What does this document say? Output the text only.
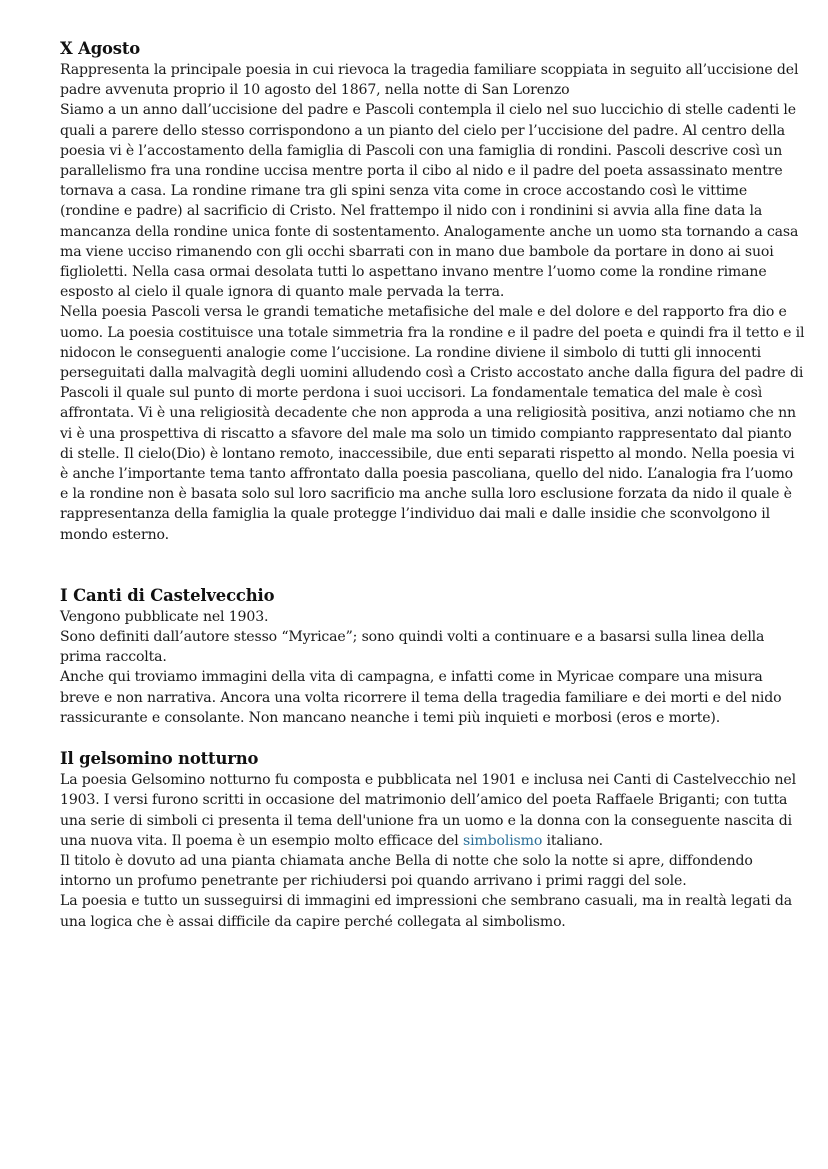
X Agosto

Rappresenta la principale poesia in cui rievoca la tragedia familiare scoppiata in seguito all’uccisione del padre avvenuta proprio il 10 agosto del 1867, nella notte di San Lorenzo

Siamo a un anno dall’uccisione del padre e Pascoli contempla il cielo nel suo luccichio di stelle cadenti le quali a parere dello stesso corrispondono a un pianto del cielo per l’uccisione del padre. Al centro della poesia vi è l’accostamento della famiglia di Pascoli con una famiglia di rondini. Pascoli descrive così un parallelismo fra una rondine uccisa mentre porta il cibo al nido e il padre del poeta assassinato mentre tornava a casa. La rondine rimane tra gli spini senza vita come in croce accostando così le vittime (rondine e padre) al sacrificio di Cristo. Nel frattempo il nido con i rondinini si avvia alla fine data la mancanza della rondine unica fonte di sostentamento. Analogamente anche un uomo sta tornando a casa ma viene ucciso rimanendo con gli occhi sbarrati con in mano due bambole da portare in dono ai suoi figlioletti. Nella casa ormai desolata tutti lo aspettano invano mentre l’uomo come la rondine rimane esposto al cielo il quale ignora di quanto male pervada la terra.

Nella poesia Pascoli versa le grandi tematiche metafisiche del male e del dolore e del rapporto fra dio e uomo. La poesia costituisce una totale simmetria fra la rondine e il padre del poeta e quindi fra il tetto e il nidocon le conseguenti analogie come l’uccisione. La rondine diviene il simbolo di tutti gli innocenti perseguitati dalla malvagità degli uomini alludendo così a Cristo accostato anche dalla figura del padre di Pascoli il quale sul punto di morte perdona i suoi uccisori. La fondamentale tematica del male è così affrontata. Vi è una religiosità decadente che non approda a una religiosità positiva, anzi notiamo che nn vi è una prospettiva di riscatto a sfavore del male ma solo un timido compianto rappresentato dal pianto di stelle. Il cielo(Dio) è lontano remoto, inaccessibile, due enti separati rispetto al mondo. Nella poesia vi è anche l’importante tema tanto affrontato dalla poesia pascoliana, quello del nido. L’analogia fra l’uomo e la rondine non è basata solo sul loro sacrificio ma anche sulla loro esclusione forzata da nido il quale è rappresentanza della famiglia la quale protegge l’individuo dai mali e dalle insidie che sconvolgono il mondo esterno.

I Canti di Castelvecchio

Vengono pubblicate nel 1903.

Sono definiti dall’autore stesso “Myricae”; sono quindi volti a continuare e a basarsi sulla linea della prima raccolta.

Anche qui troviamo immagini della vita di campagna, e infatti come in Myricae compare una misura breve e non narrativa. Ancora una volta ricorrere il tema della tragedia familiare e dei morti e del nido rassicurante e consolante. Non mancano neanche i temi più inquieti e morbosi (eros e morte).

Il gelsomino notturno

La poesia Gelsomino notturno fu composta e pubblicata nel 1901 e inclusa nei Canti di Castelvecchio nel 1903. I versi furono scritti in occasione del matrimonio dell’amico del poeta Raffaele Briganti; con tutta una serie di simboli ci presenta il tema dell'unione fra un uomo e la donna con la conseguente nascita di una nuova vita. Il poema è un esempio molto efficace del simbolismo italiano.

Il titolo è dovuto ad una pianta chiamata anche Bella di notte che solo la notte si apre, diffondendo intorno un profumo penetrante per richiudersi poi quando arrivano i primi raggi del sole.

La poesia e tutto un susseguirsi di immagini ed impressioni che sembrano casuali, ma in realtà legati da una logica che è assai difficile da capire perché collegata al simbolismo.
